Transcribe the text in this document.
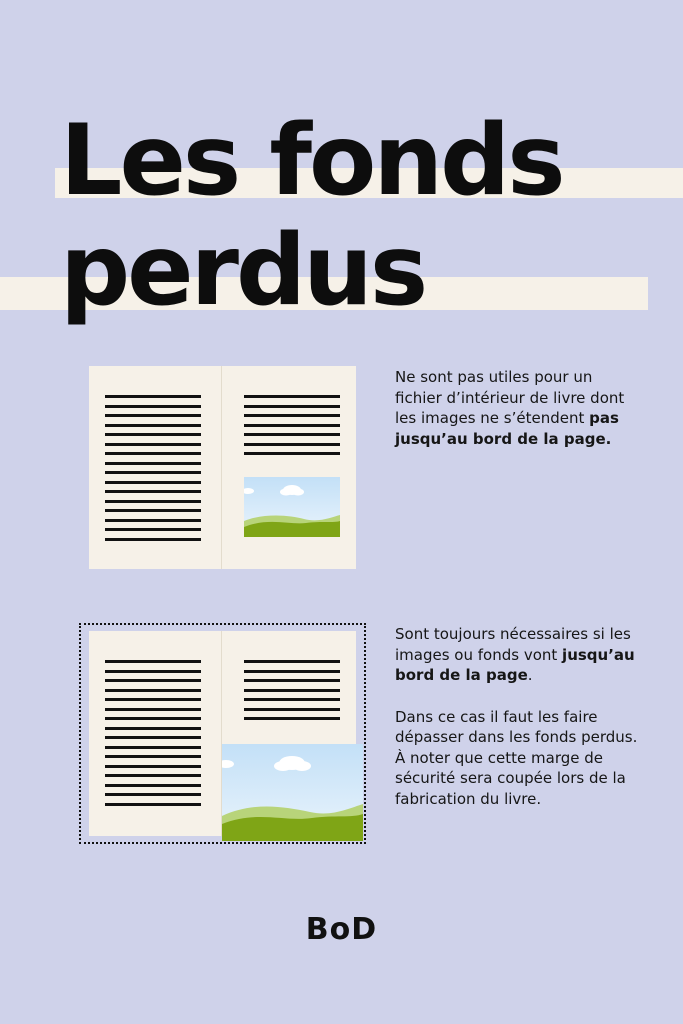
Les fonds
perdus
Ne sont pas utiles pour un fichier d’intérieur de livre dont les images ne s’étendent pas jusqu’au bord de la page.

Sont toujours nécessaires si les images ou fonds vont jusqu’au bord de la page.

Dans ce cas il faut les faire dépasser dans les fonds perdus. À noter que cette marge de sécurité sera coupée lors de la fabrication du livre.

BoD
